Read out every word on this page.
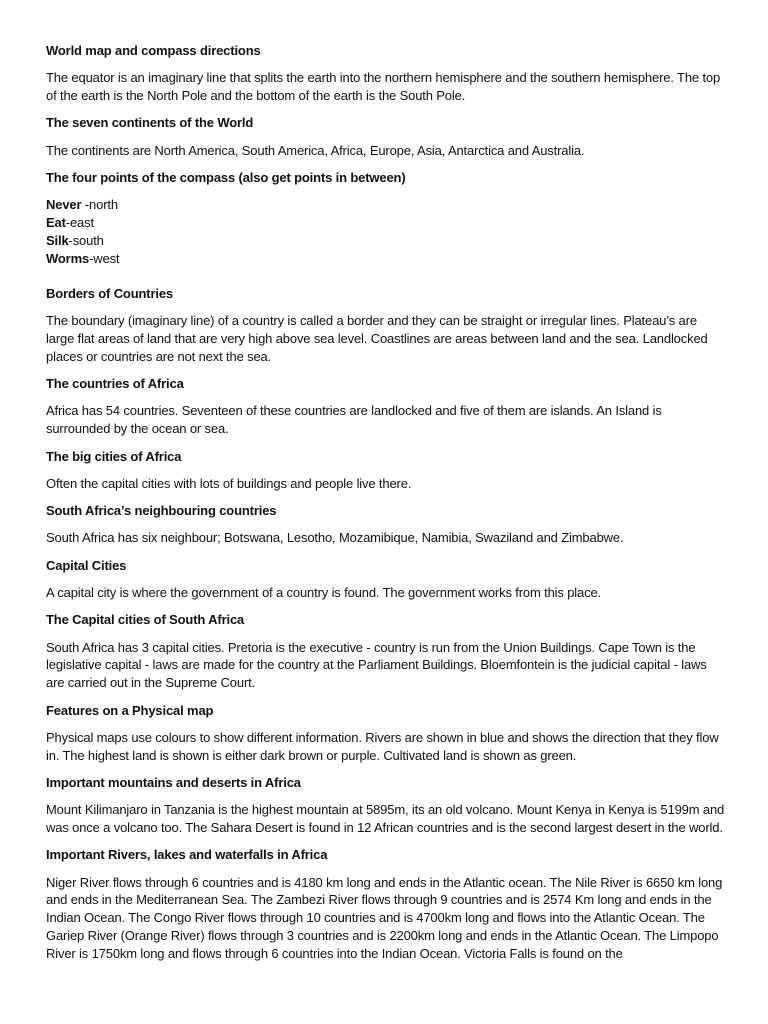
World map and compass directions
The equator is an imaginary line that splits the earth into the northern hemisphere and the southern hemisphere. The top of the earth is the North Pole and the bottom of the earth is the South Pole.
The seven continents of the World
The continents are North America, South America, Africa, Europe, Asia, Antarctica and Australia.
The four points of the compass (also get points in between)
Never -north
Eat-east
Silk-south
Worms-west
Borders of Countries
The boundary (imaginary line) of a country is called a border and they can be straight or irregular lines. Plateau’s are large flat areas of land that are very high above sea level. Coastlines are areas between land and the sea. Landlocked places or countries are not next the sea.
The countries of Africa
Africa has 54 countries. Seventeen of these countries are landlocked and five of them are islands. An Island is surrounded by the ocean or sea.
The big cities of Africa
Often the capital cities with lots of buildings and people live there.
South Africa’s neighbouring countries
South Africa has six neighbour; Botswana, Lesotho, Mozamibique, Namibia, Swaziland and Zimbabwe.
Capital Cities
A capital city is where the government of a country is found. The government works from this place.
The Capital cities of South Africa
South Africa has 3 capital cities. Pretoria is the executive - country is run from the Union Buildings. Cape Town is the legislative capital - laws are made for the country at the Parliament Buildings. Bloemfontein is the judicial capital - laws are carried out in the Supreme Court.
Features on a Physical map
Physical maps use colours to show different information. Rivers are shown in blue and shows the direction that they flow in. The highest land is shown is either dark brown or purple. Cultivated land is shown as green.
Important mountains and deserts in Africa
Mount Kilimanjaro in Tanzania is the highest mountain at 5895m, its an old volcano. Mount Kenya in Kenya is 5199m and was once a volcano too. The Sahara Desert is found in 12 African countries and is the second largest desert in the world.
Important Rivers, lakes and waterfalls in Africa
Niger River flows through 6 countries and is 4180 km long and ends in the Atlantic ocean. The Nile River is 6650 km long and ends in the Mediterranean Sea. The Zambezi River flows through 9 countries and is 2574 Km long and ends in the Indian Ocean. The Congo River flows through 10 countries and is 4700km long and flows into the Atlantic Ocean. The Gariep River (Orange River) flows through 3 countries and is 2200km long and ends in the Atlantic Ocean. The Limpopo River is 1750km long and flows through 6 countries into the Indian Ocean. Victoria Falls is found on the
